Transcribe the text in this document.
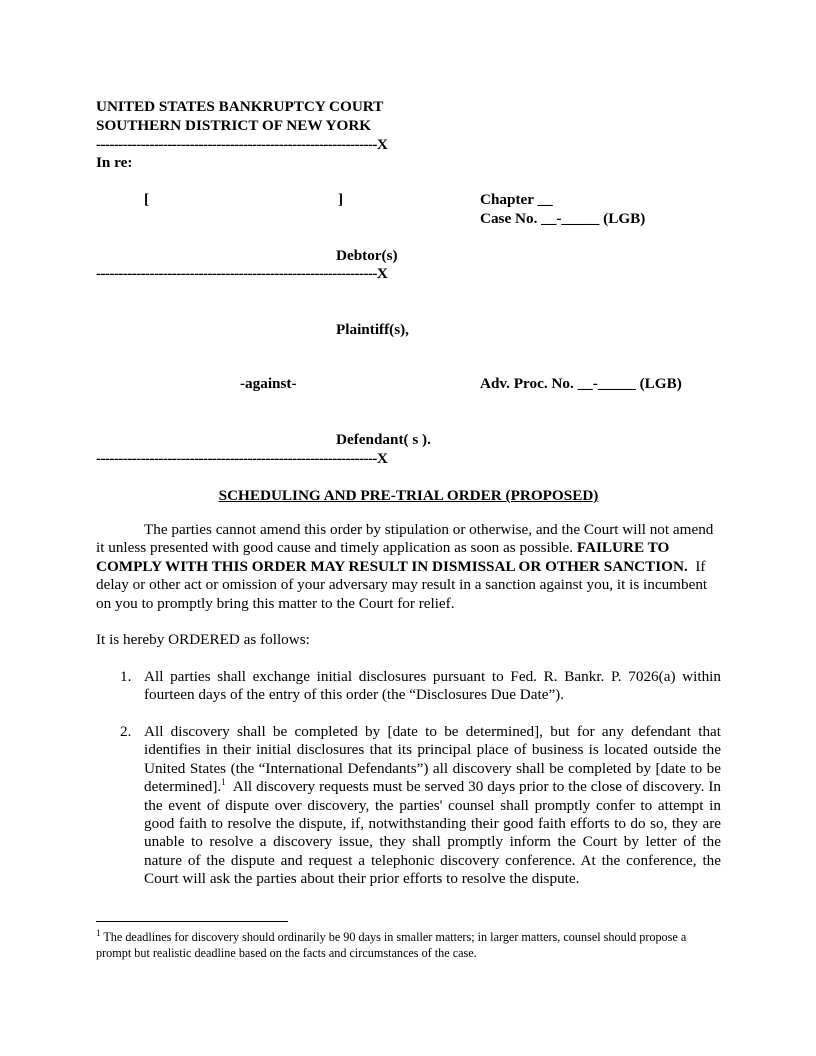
UNITED STATES BANKRUPTCY COURT
SOUTHERN DISTRICT OF NEW YORK
---------------------------------------------------------------X
In re:
[	]	Chapter __
Case No. __-_____ (LGB)
Debtor(s)
---------------------------------------------------------------X
Plaintiff(s),
-against-	Adv. Proc. No. __-_____ (LGB)
Defendant( s ).
---------------------------------------------------------------X
SCHEDULING AND PRE-TRIAL ORDER (PROPOSED)
The parties cannot amend this order by stipulation or otherwise, and the Court will not amend it unless presented with good cause and timely application as soon as possible. FAILURE TO COMPLY WITH THIS ORDER MAY RESULT IN DISMISSAL OR OTHER SANCTION. If delay or other act or omission of your adversary may result in a sanction against you, it is incumbent on you to promptly bring this matter to the Court for relief.
It is hereby ORDERED as follows:
1. All parties shall exchange initial disclosures pursuant to Fed. R. Bankr. P. 7026(a) within fourteen days of the entry of this order (the “Disclosures Due Date”).
2. All discovery shall be completed by [date to be determined], but for any defendant that identifies in their initial disclosures that its principal place of business is located outside the United States (the “International Defendants”) all discovery shall be completed by [date to be determined].$^1$ All discovery requests must be served 30 days prior to the close of discovery. In the event of dispute over discovery, the parties' counsel shall promptly confer to attempt in good faith to resolve the dispute, if, notwithstanding their good faith efforts to do so, they are unable to resolve a discovery issue, they shall promptly inform the Court by letter of the nature of the dispute and request a telephonic discovery conference. At the conference, the Court will ask the parties about their prior efforts to resolve the dispute.
$^1$ The deadlines for discovery should ordinarily be 90 days in smaller matters; in larger matters, counsel should propose a prompt but realistic deadline based on the facts and circumstances of the case.
